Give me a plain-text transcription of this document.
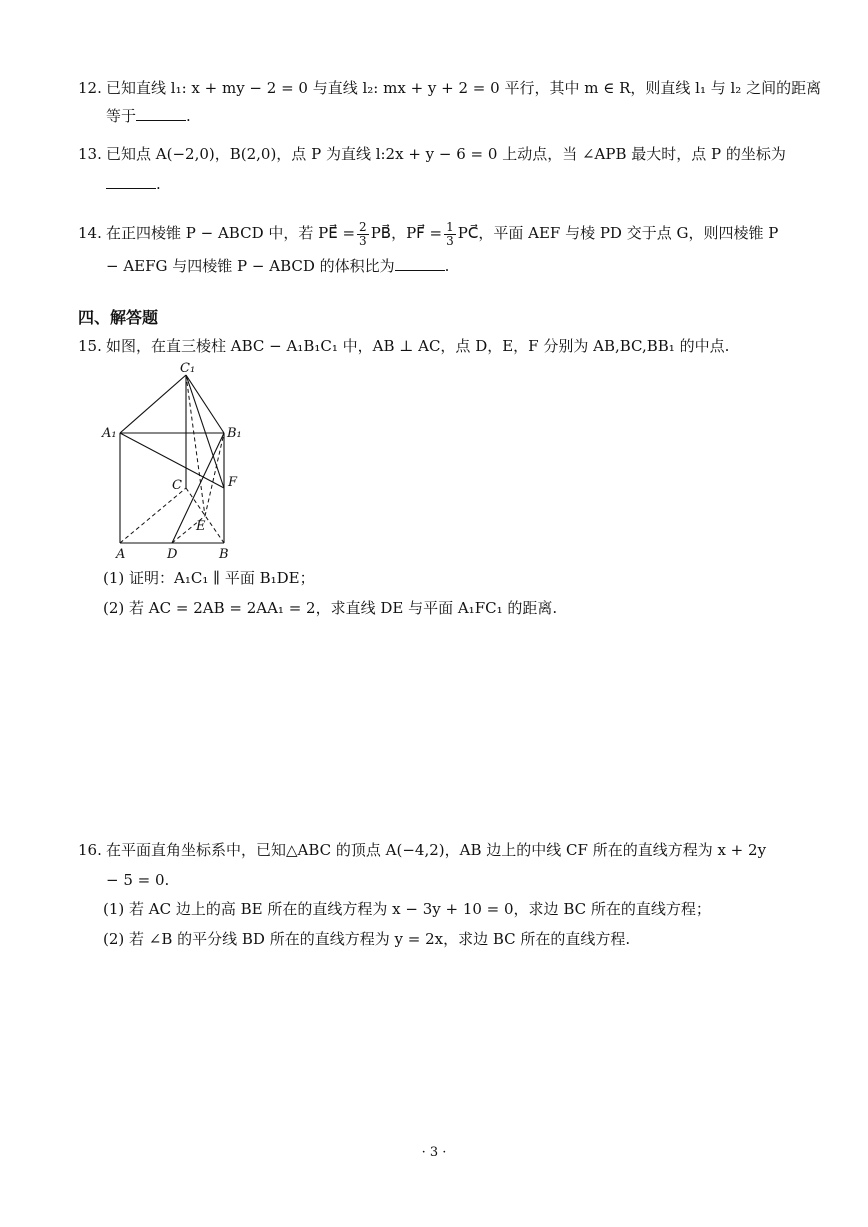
12. 已知直线 l₁: x + my − 2 = 0 与直线 l₂: mx + y + 2 = 0 平行，其中 m ∈ R，则直线 l₁ 与 l₂ 之间的距离
等于	.
13. 已知点 A(−2,0)，B(2,0)，点 P 为直线 l:2x + y − 6 = 0 上动点，当 ∠APB 最大时，点 P 的坐标为
.
14. 在正四棱锥 P − ABCD 中，若 PE⃗ = $\frac{2}{3}$ PB⃗，PF⃗ = $\frac{1}{3}$ PC⃗，平面 AEF 与棱 PD 交于点 G，则四棱锥 P
− AEFG 与四棱锥 P − ABCD 的体积比为	.
四、解答题
15. 如图，在直三棱柱 ABC − A₁B₁C₁ 中，AB ⊥ AC，点 D，E，F 分别为 AB,BC,BB₁ 的中点.
C₁
A₁	B₁
F
C
E
A	D	B
(1) 证明：A₁C₁ ∥ 平面 B₁DE；
(2) 若 AC = 2AB = 2AA₁ = 2，求直线 DE 与平面 A₁FC₁ 的距离.
16. 在平面直角坐标系中，已知△ABC 的顶点 A(−4,2)，AB 边上的中线 CF 所在的直线方程为 x + 2y
− 5 = 0.
(1) 若 AC 边上的高 BE 所在的直线方程为 x − 3y + 10 = 0，求边 BC 所在的直线方程；
(2) 若 ∠B 的平分线 BD 所在的直线方程为 y = 2x，求边 BC 所在的直线方程.
· 3 ·
